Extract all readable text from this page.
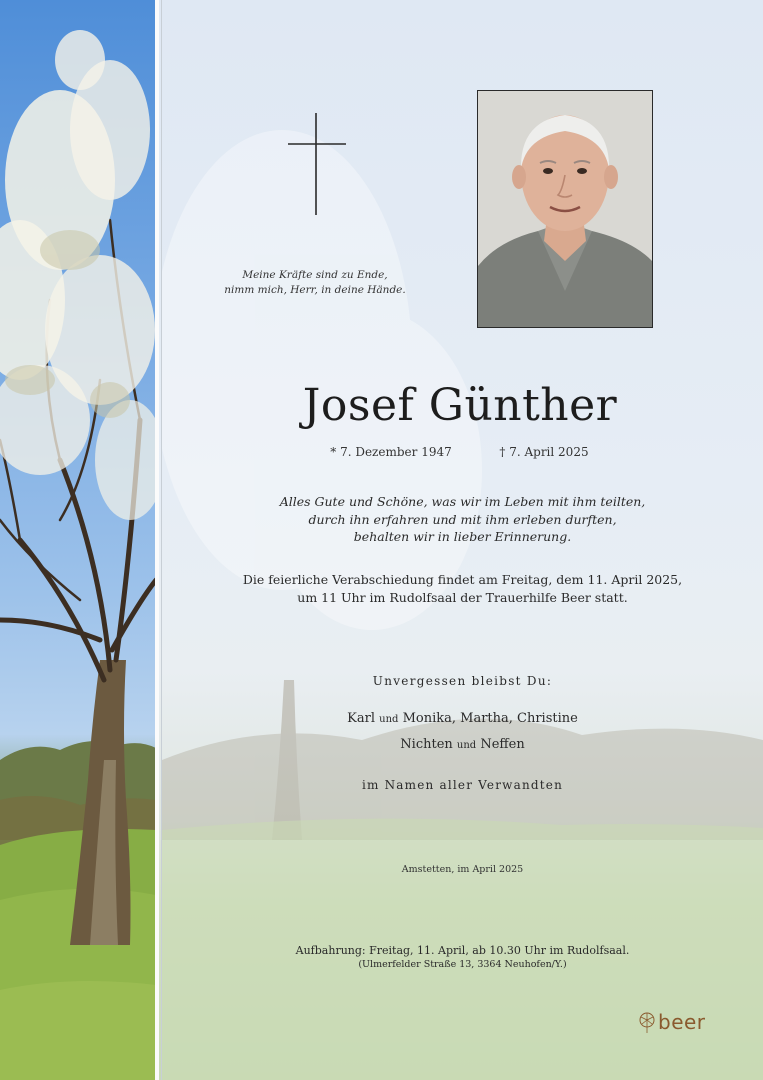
Meine Kräfte sind zu Ende,
nimm mich, Herr, in deine Hände.
Josef Günther
* 7. Dezember 1947	† 7. April 2025
Alles Gute und Schöne, was wir im Leben mit ihm teilten,
durch ihn erfahren und mit ihm erleben durften,
behalten wir in lieber Erinnerung.
Die feierliche Verabschiedung findet am Freitag, dem 11. April 2025,
um 11 Uhr im Rudolfsaal der Trauerhilfe Beer statt.
Unvergessen bleibst Du:
Karl und Monika, Martha, Christine
Nichten und Neffen
im Namen aller Verwandten
Amstetten, im April 2025
Aufbahrung: Freitag, 11. April, ab 10.30 Uhr im Rudolfsaal.
(Ulmerfelder Straße 13, 3364 Neuhofen/Y.)
beer
